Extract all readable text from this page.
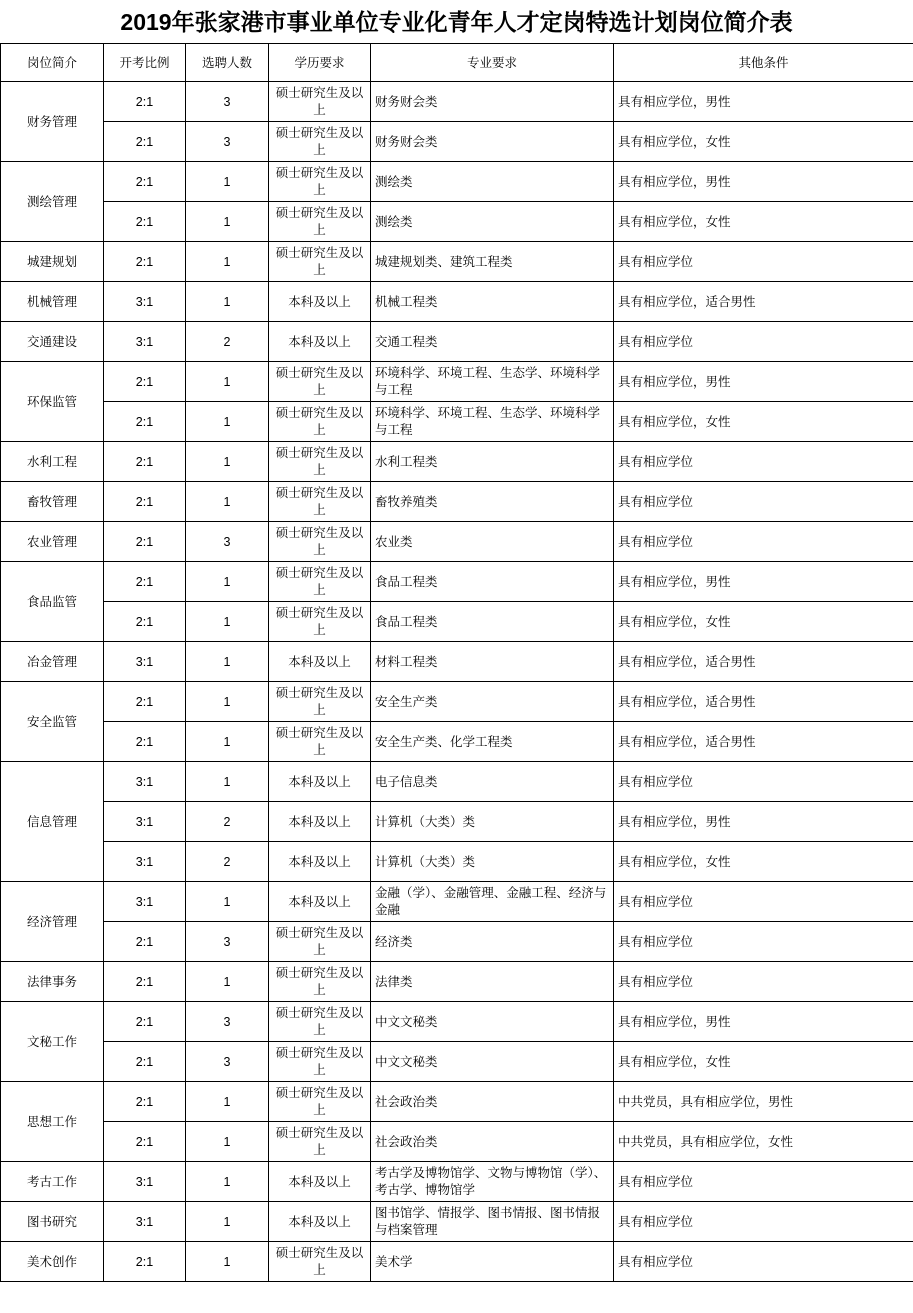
2019年张家港市事业单位专业化青年人才定岗特选计划岗位简介表
岗位简介	开考比例	选聘人数	学历要求	专业要求	其他条件
财务管理	2:1	3	硕士研究生及以上	财务财会类	具有相应学位，男性
	2:1	3	硕士研究生及以上	财务财会类	具有相应学位，女性
测绘管理	2:1	1	硕士研究生及以上	测绘类	具有相应学位，男性
	2:1	1	硕士研究生及以上	测绘类	具有相应学位，女性
城建规划	2:1	1	硕士研究生及以上	城建规划类、建筑工程类	具有相应学位
机械管理	3:1	1	本科及以上	机械工程类	具有相应学位，适合男性
交通建设	3:1	2	本科及以上	交通工程类	具有相应学位
环保监管	2:1	1	硕士研究生及以上	环境科学、环境工程、生态学、环境科学与工程	具有相应学位，男性
	2:1	1	硕士研究生及以上	环境科学、环境工程、生态学、环境科学与工程	具有相应学位，女性
水利工程	2:1	1	硕士研究生及以上	水利工程类	具有相应学位
畜牧管理	2:1	1	硕士研究生及以上	畜牧养殖类	具有相应学位
农业管理	2:1	3	硕士研究生及以上	农业类	具有相应学位
食品监管	2:1	1	硕士研究生及以上	食品工程类	具有相应学位，男性
	2:1	1	硕士研究生及以上	食品工程类	具有相应学位，女性
冶金管理	3:1	1	本科及以上	材料工程类	具有相应学位，适合男性
安全监管	2:1	1	硕士研究生及以上	安全生产类	具有相应学位，适合男性
	2:1	1	硕士研究生及以上	安全生产类、化学工程类	具有相应学位，适合男性
信息管理	3:1	1	本科及以上	电子信息类	具有相应学位
	3:1	2	本科及以上	计算机（大类）类	具有相应学位，男性
	3:1	2	本科及以上	计算机（大类）类	具有相应学位，女性
经济管理	3:1	1	本科及以上	金融（学）、金融管理、金融工程、经济与金融	具有相应学位
	2:1	3	硕士研究生及以上	经济类	具有相应学位
法律事务	2:1	1	硕士研究生及以上	法律类	具有相应学位
文秘工作	2:1	3	硕士研究生及以上	中文文秘类	具有相应学位，男性
	2:1	3	硕士研究生及以上	中文文秘类	具有相应学位，女性
思想工作	2:1	1	硕士研究生及以上	社会政治类	中共党员，具有相应学位，男性
	2:1	1	硕士研究生及以上	社会政治类	中共党员，具有相应学位，女性
考古工作	3:1	1	本科及以上	考古学及博物馆学、文物与博物馆（学）、考古学、博物馆学	具有相应学位
图书研究	3:1	1	本科及以上	图书馆学、情报学、图书情报、图书情报与档案管理	具有相应学位
美术创作	2:1	1	硕士研究生及以上	美术学	具有相应学位
